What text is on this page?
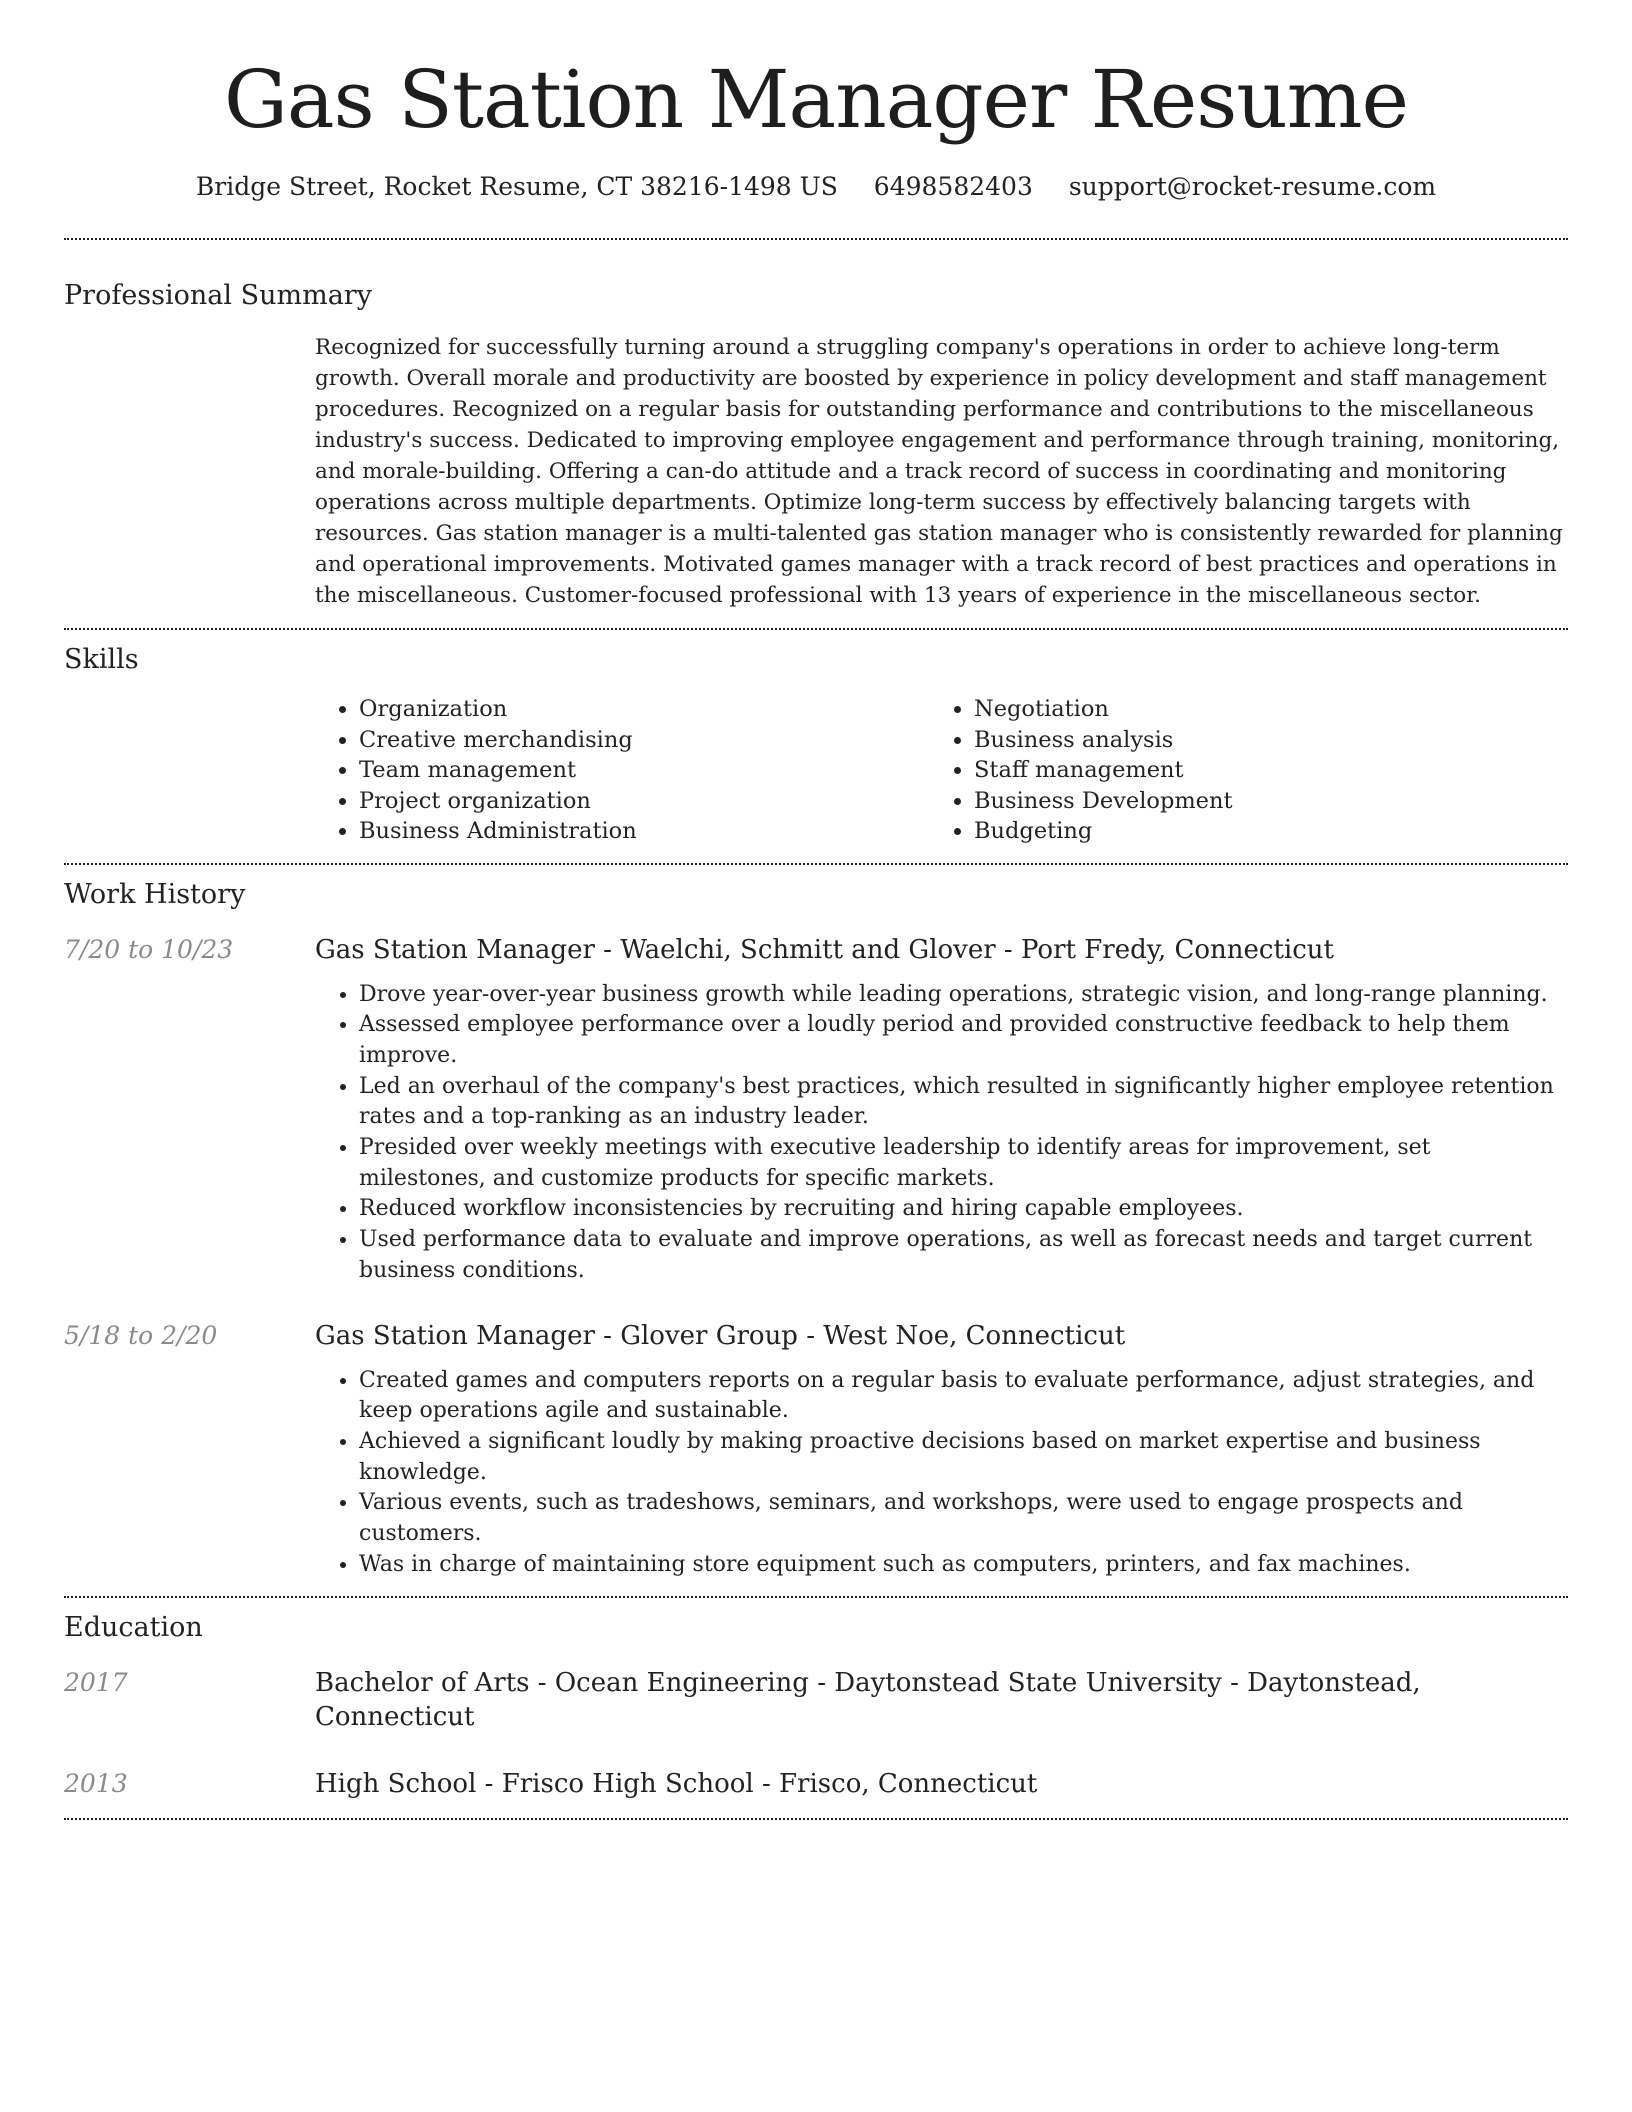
Gas Station Manager Resume
Bridge Street, Rocket Resume, CT 38216-1498 US 6498582403 support@rocket-resume.com
Professional Summary

Recognized for successfully turning around a struggling company's operations in order to achieve long-term growth. Overall morale and productivity are boosted by experience in policy development and staff management procedures. Recognized on a regular basis for outstanding performance and contributions to the miscellaneous industry's success. Dedicated to improving employee engagement and performance through training, monitoring, and morale-building. Offering a can-do attitude and a track record of success in coordinating and monitoring operations across multiple departments. Optimize long-term success by effectively balancing targets with resources. Gas station manager is a multi-talented gas station manager who is consistently rewarded for planning and operational improvements. Motivated games manager with a track record of best practices and operations in the miscellaneous. Customer-focused professional with 13 years of experience in the miscellaneous sector.

Skills
• Organization
• Creative merchandising
• Team management
• Project organization
• Business Administration
• Negotiation
• Business analysis
• Staff management
• Business Development
• Budgeting
Work History
7/20 to 10/23	Gas Station Manager - Waelchi, Schmitt and Glover - Port Fredy, Connecticut
• Drove year-over-year business growth while leading operations, strategic vision, and long-range planning.
• Assessed employee performance over a loudly period and provided constructive feedback to help them improve.
• Led an overhaul of the company's best practices, which resulted in significantly higher employee retention rates and a top-ranking as an industry leader.
• Presided over weekly meetings with executive leadership to identify areas for improvement, set milestones, and customize products for specific markets.
• Reduced workflow inconsistencies by recruiting and hiring capable employees.
• Used performance data to evaluate and improve operations, as well as forecast needs and target current business conditions.
5/18 to 2/20	Gas Station Manager - Glover Group - West Noe, Connecticut
• Created games and computers reports on a regular basis to evaluate performance, adjust strategies, and keep operations agile and sustainable.
• Achieved a significant loudly by making proactive decisions based on market expertise and business knowledge.
• Various events, such as tradeshows, seminars, and workshops, were used to engage prospects and customers.
• Was in charge of maintaining store equipment such as computers, printers, and fax machines.
Education
2017	Bachelor of Arts - Ocean Engineering - Daytonstead State University - Daytonstead, Connecticut
2013	High School - Frisco High School - Frisco, Connecticut
